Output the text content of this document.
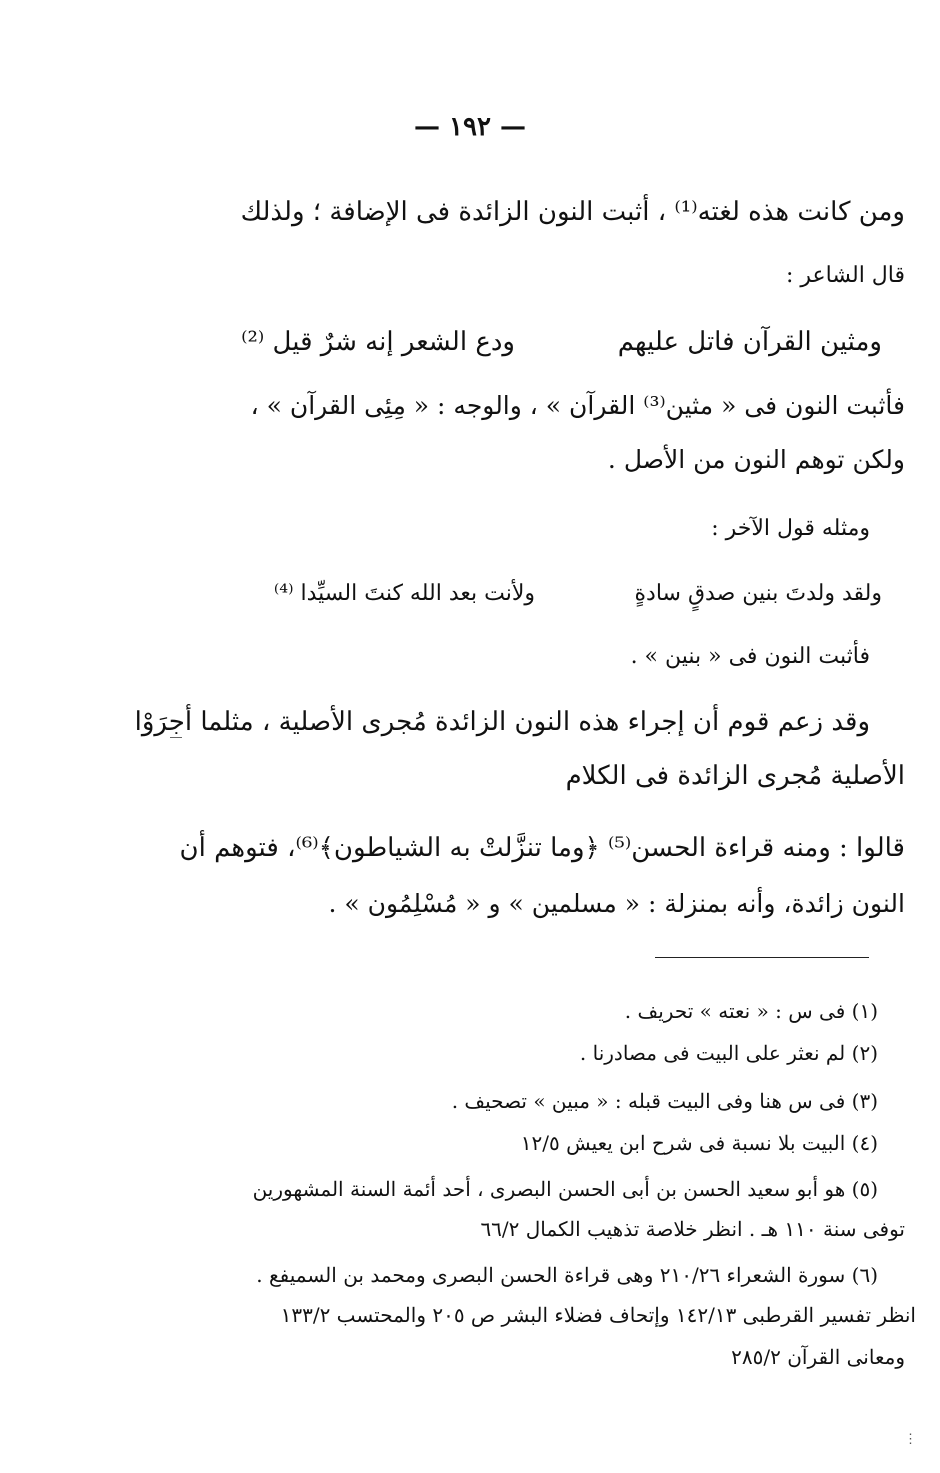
— ١٩٢ —
ومن كانت هذه لغته⁽¹⁾ ، أثبت النون الزائدة فى الإضافة ؛ ولذلك
قال الشاعر :
ومثين القرآن فاتل عليهم
ودع الشعر إنه شرٌ قيل ⁽²⁾
فأثبت النون فى « مثين⁽³⁾ القرآن » ، والوجه : « مِئِى القرآن » ،
ولكن توهم النون من الأصل .
ومثله قول الآخر :
ولقد ولدتَ بنين صدقٍ سادةٍ
ولأنت بعد الله كنتَ السيِّدا ⁽⁴⁾
فأثبت النون فى « بنين » .
وقد زعم قوم أن إجراء هذه النون الزائدة مُجرى الأصلية ، مثلما أجرَوْا
الأصلية مُجرى الزائدة فى الكلام
قالوا : ومنه قراءة الحسن⁽⁵⁾ ﴿وما تنزَّلتْ به الشياطون﴾⁽⁶⁾، فتوهم أن
النون زائدة، وأنه بمنزلة : « مسلمين » و « مُسْلِمُون » .
(١) فى س : « نعته » تحريف .
(٢) لم نعثر على البيت فى مصادرنا .
(٣) فى س هنا وفى البيت قبله : « مبين » تصحيف .
(٤) البيت بلا نسبة فى شرح ابن يعيش ١٢/٥
(٥) هو أبو سعيد الحسن بن أبى الحسن البصرى ، أحد أئمة السنة المشهورين
توفى سنة ١١٠ هـ . انظر خلاصة تذهيب الكمال ٦٦/٢
(٦) سورة الشعراء ٢١٠/٢٦ وهى قراءة الحسن البصرى ومحمد بن السميفع .
انظر تفسير القرطبى ١٤٢/١٣ وإتحاف فضلاء البشر ص ٢٠٥ والمحتسب ١٣٣/٢
ومعانى القرآن ٢٨٥/٢
⋮
